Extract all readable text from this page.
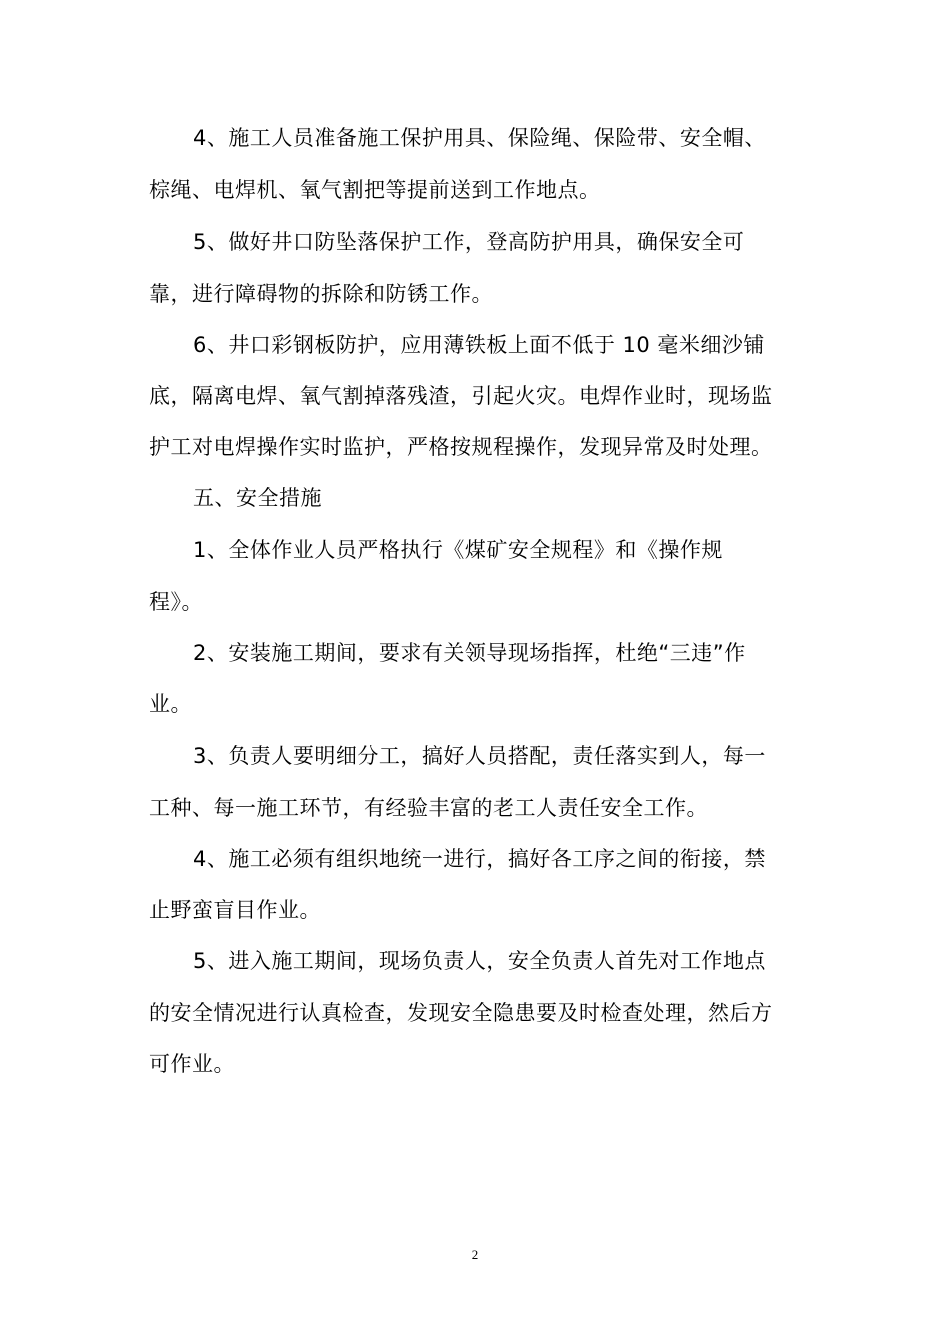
4、施工人员准备施工保护用具、保险绳、保险带、安全帽、
棕绳、电焊机、氧气割把等提前送到工作地点。
5、做好井口防坠落保护工作，登高防护用具，确保安全可
靠，进行障碍物的拆除和防锈工作。
6、井口彩钢板防护，应用薄铁板上面不低于 10 毫米细沙铺
底，隔离电焊、氧气割掉落残渣，引起火灾。电焊作业时，现场监
护工对电焊操作实时监护，严格按规程操作，发现异常及时处理。
五、安全措施
1、全体作业人员严格执行《煤矿安全规程》和《操作规
程》。
2、安装施工期间，要求有关领导现场指挥，杜绝“三违”作
业。
3、负责人要明细分工，搞好人员搭配，责任落实到人，每一
工种、每一施工环节，有经验丰富的老工人责任安全工作。
4、施工必须有组织地统一进行，搞好各工序之间的衔接，禁
止野蛮盲目作业。
5、进入施工期间，现场负责人，安全负责人首先对工作地点
的安全情况进行认真检查，发现安全隐患要及时检查处理，然后方
可作业。
2
